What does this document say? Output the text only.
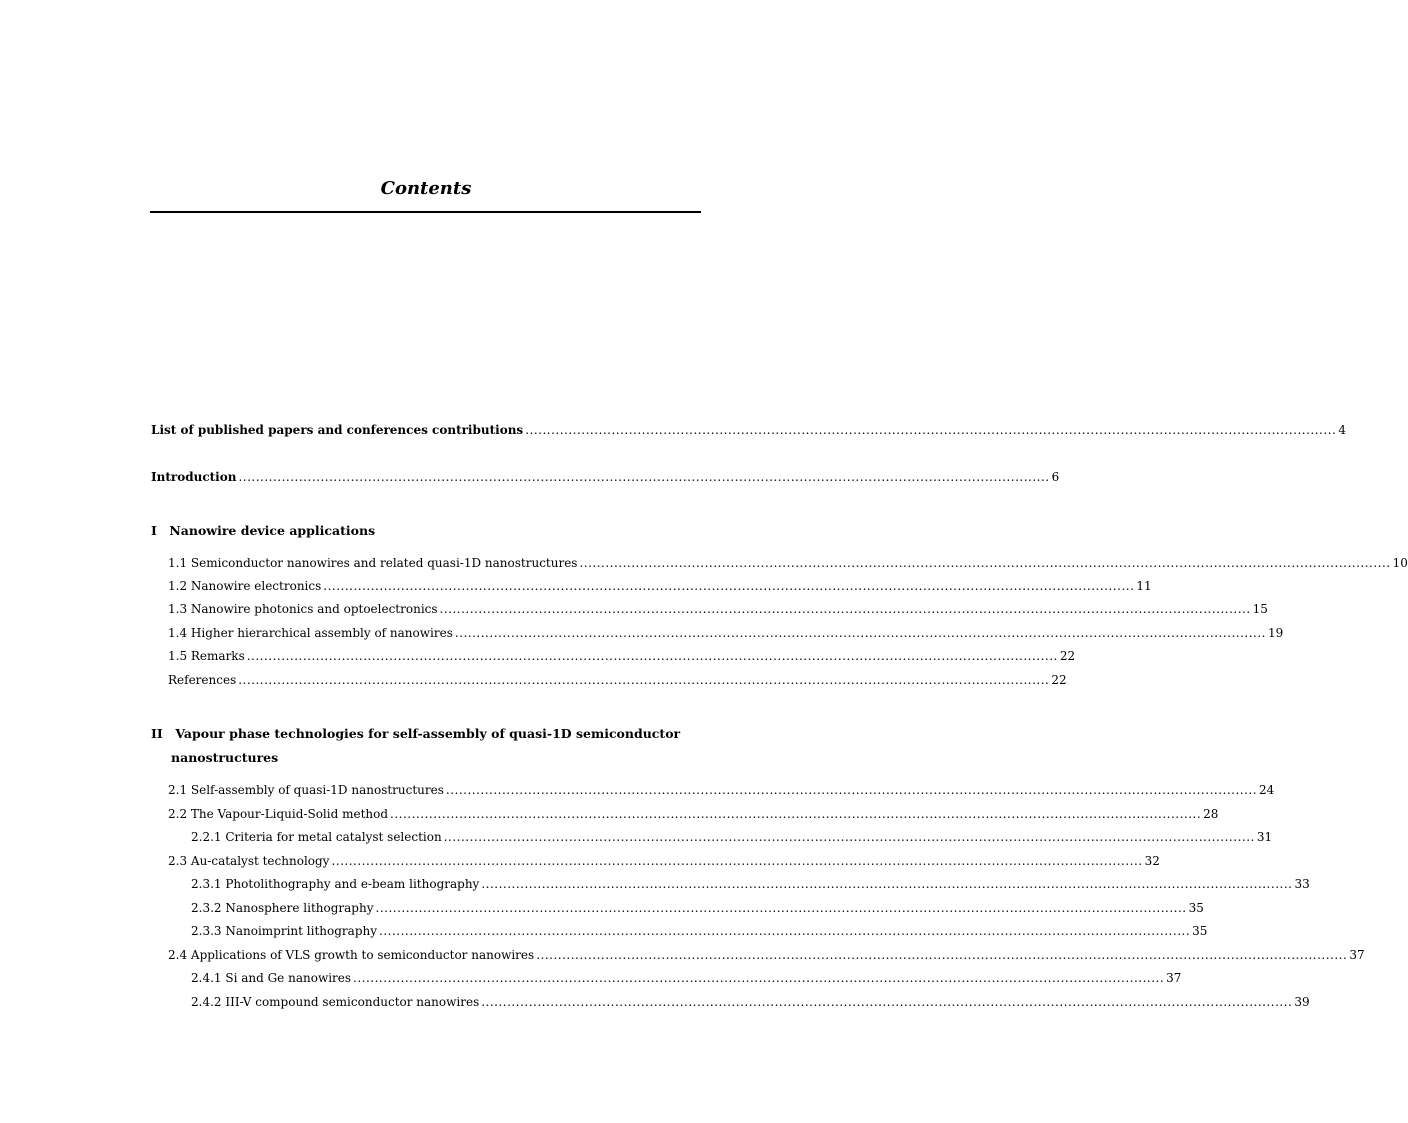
Contents
List of published papers and conferences contributions ............................................................................................................................................................................................ 4
Introduction ............................................................................................................................................................................................ 6
I Nanowire device applications
1.1 Semiconductor nanowires and related quasi-1D nanostructures ............................................................................................................................................................................................ 10
1.2 Nanowire electronics ............................................................................................................................................................................................ 11
1.3 Nanowire photonics and optoelectronics ............................................................................................................................................................................................ 15
1.4 Higher hierarchical assembly of nanowires ............................................................................................................................................................................................ 19
1.5 Remarks ............................................................................................................................................................................................ 22
References ............................................................................................................................................................................................ 22
II Vapour phase technologies for self-assembly of quasi-1D semiconductor
nanostructures
2.1 Self-assembly of quasi-1D nanostructures ............................................................................................................................................................................................ 24
2.2 The Vapour-Liquid-Solid method ............................................................................................................................................................................................ 28
2.2.1 Criteria for metal catalyst selection ............................................................................................................................................................................................ 31
2.3 Au-catalyst technology ............................................................................................................................................................................................ 32
2.3.1 Photolithography and e-beam lithography ............................................................................................................................................................................................ 33
2.3.2 Nanosphere lithography ............................................................................................................................................................................................ 35
2.3.3 Nanoimprint lithography ............................................................................................................................................................................................ 35
2.4 Applications of VLS growth to semiconductor nanowires ............................................................................................................................................................................................ 37
2.4.1 Si and Ge nanowires ............................................................................................................................................................................................ 37
2.4.2 III-V compound semiconductor nanowires ............................................................................................................................................................................................ 39
